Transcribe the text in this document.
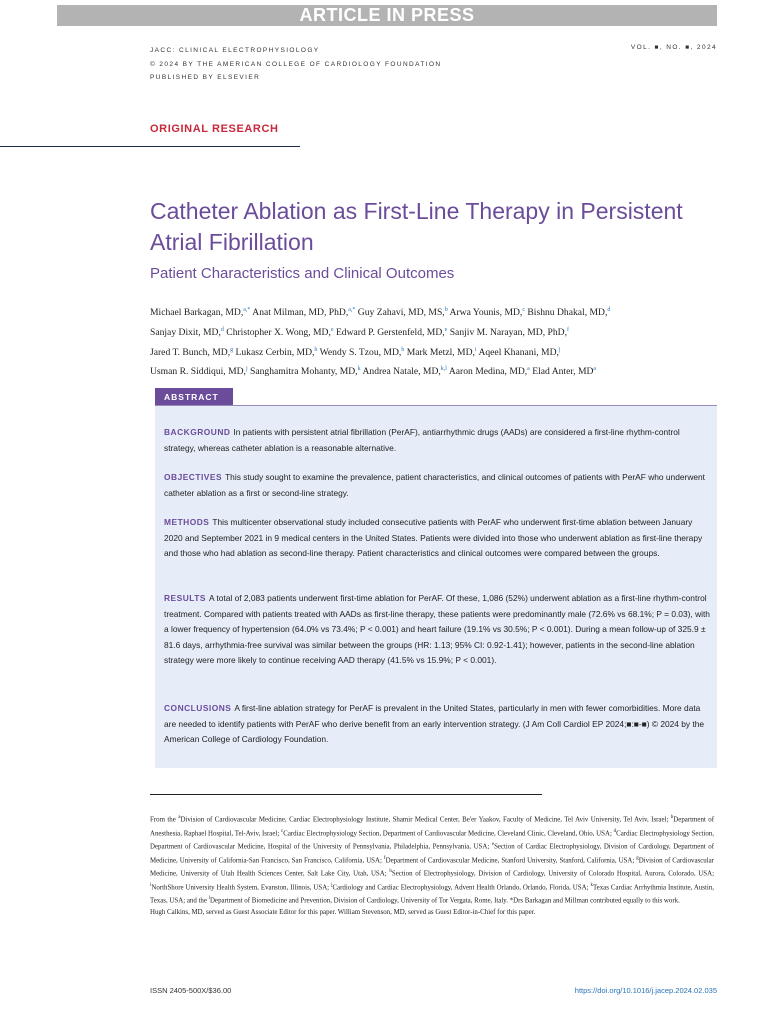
ARTICLE IN PRESS
JACC: CLINICAL ELECTROPHYSIOLOGY
© 2024 BY THE AMERICAN COLLEGE OF CARDIOLOGY FOUNDATION
PUBLISHED BY ELSEVIER
VOL. ■, NO. ■, 2024
ORIGINAL RESEARCH
Catheter Ablation as First-Line Therapy in Persistent Atrial Fibrillation
Patient Characteristics and Clinical Outcomes
Michael Barkagan, MD,$^{a,*}$ Anat Milman, MD, PhD,$^{a,*}$ Guy Zahavi, MD, MS,$^b$ Arwa Younis, MD,$^c$ Bishnu Dhakal, MD,$^d$
Sanjay Dixit, MD,$^d$ Christopher X. Wong, MD,$^e$ Edward P. Gerstenfeld, MD,$^e$ Sanjiv M. Narayan, MD, PhD,$^f$
Jared T. Bunch, MD,$^g$ Lukasz Cerbin, MD,$^h$ Wendy S. Tzou, MD,$^h$ Mark Metzl, MD,$^i$ Aqeel Khanani, MD,$^j$
Usman R. Siddiqui, MD,$^j$ Sanghamitra Mohanty, MD,$^k$ Andrea Natale, MD,$^{k,l}$ Aaron Medina, MD,$^a$ Elad Anter, $MD^a$
ABSTRACT
BACKGROUND In patients with persistent atrial fibrillation (PerAF), antiarrhythmic drugs (AADs) are considered a first-line rhythm-control strategy, whereas catheter ablation is a reasonable alternative.
OBJECTIVES This study sought to examine the prevalence, patient characteristics, and clinical outcomes of patients with PerAF who underwent catheter ablation as a first or second-line strategy.
METHODS This multicenter observational study included consecutive patients with PerAF who underwent first-time ablation between January 2020 and September 2021 in 9 medical centers in the United States. Patients were divided into those who underwent ablation as first-line therapy and those who had ablation as second-line therapy. Patient characteristics and clinical outcomes were compared between the groups.
RESULTS A total of 2,083 patients underwent first-time ablation for PerAF. Of these, 1,086 (52%) underwent ablation as a first-line rhythm-control treatment. Compared with patients treated with AADs as first-line therapy, these patients were predominantly male (72.6% vs 68.1%; P = 0.03), with a lower frequency of hypertension (64.0% vs 73.4%; P < 0.001) and heart failure (19.1% vs 30.5%; P < 0.001). During a mean follow-up of 325.9 ± 81.6 days, arrhythmia-free survival was similar between the groups (HR: 1.13; 95% CI: 0.92-1.41); however, patients in the second-line ablation strategy were more likely to continue receiving AAD therapy (41.5% vs 15.9%; P < 0.001).
CONCLUSIONS A first-line ablation strategy for PerAF is prevalent in the United States, particularly in men with fewer comorbidities. More data are needed to identify patients with PerAF who derive benefit from an early intervention strategy. (J Am Coll Cardiol EP 2024;■:■-■) © 2024 by the American College of Cardiology Foundation.
From the $^a$Division of Cardiovascular Medicine, Cardiac Electrophysiology Institute, Shamir Medical Center, Be'er Yaakov, Faculty of Medicine, Tel Aviv University, Tel Aviv, Israel; $^b$Department of Anesthesia, Raphael Hospital, Tel-Aviv, Israel; $^c$Cardiac Electrophysiology Section, Department of Cardiovascular Medicine, Cleveland Clinic, Cleveland, Ohio, USA; $^d$Cardiac Electrophysiology Section, Department of Cardiovascular Medicine, Hospital of the University of Pennsylvania, Philadelphia, Pennsylvania, USA; $^e$Section of Cardiac Electrophysiology, Division of Cardiology, Department of Medicine, University of California-San Francisco, San Francisco, California, USA; $^f$Department of Cardiovascular Medicine, Stanford University, Stanford, California, USA; $^g$Division of Cardiovascular Medicine, University of Utah Health Sciences Center, Salt Lake City, Utah, USA; $^h$Section of Electrophysiology, Division of Cardiology, University of Colorado Hospital, Aurora, Colorado, USA; $^i$NorthShore University Health System, Evanston, Illinois, USA; $^j$Cardiology and Cardiac Electrophysiology, Advent Health Orlando, Orlando, Florida, USA; $^k$Texas Cardiac Arrhythmia Institute, Austin, Texas, USA; and the $^l$Department of Biomedicine and Prevention, Division of Cardiology, University of Tor Vergata, Rome, Italy. *Drs Barkagan and Millman contributed equally to this work.
Hugh Calkins, MD, served as Guest Associate Editor for this paper. William Stevenson, MD, served as Guest Editor-in-Chief for this paper.
ISSN 2405-500X/$36.00	https://doi.org/10.1016/j.jacep.2024.02.035
